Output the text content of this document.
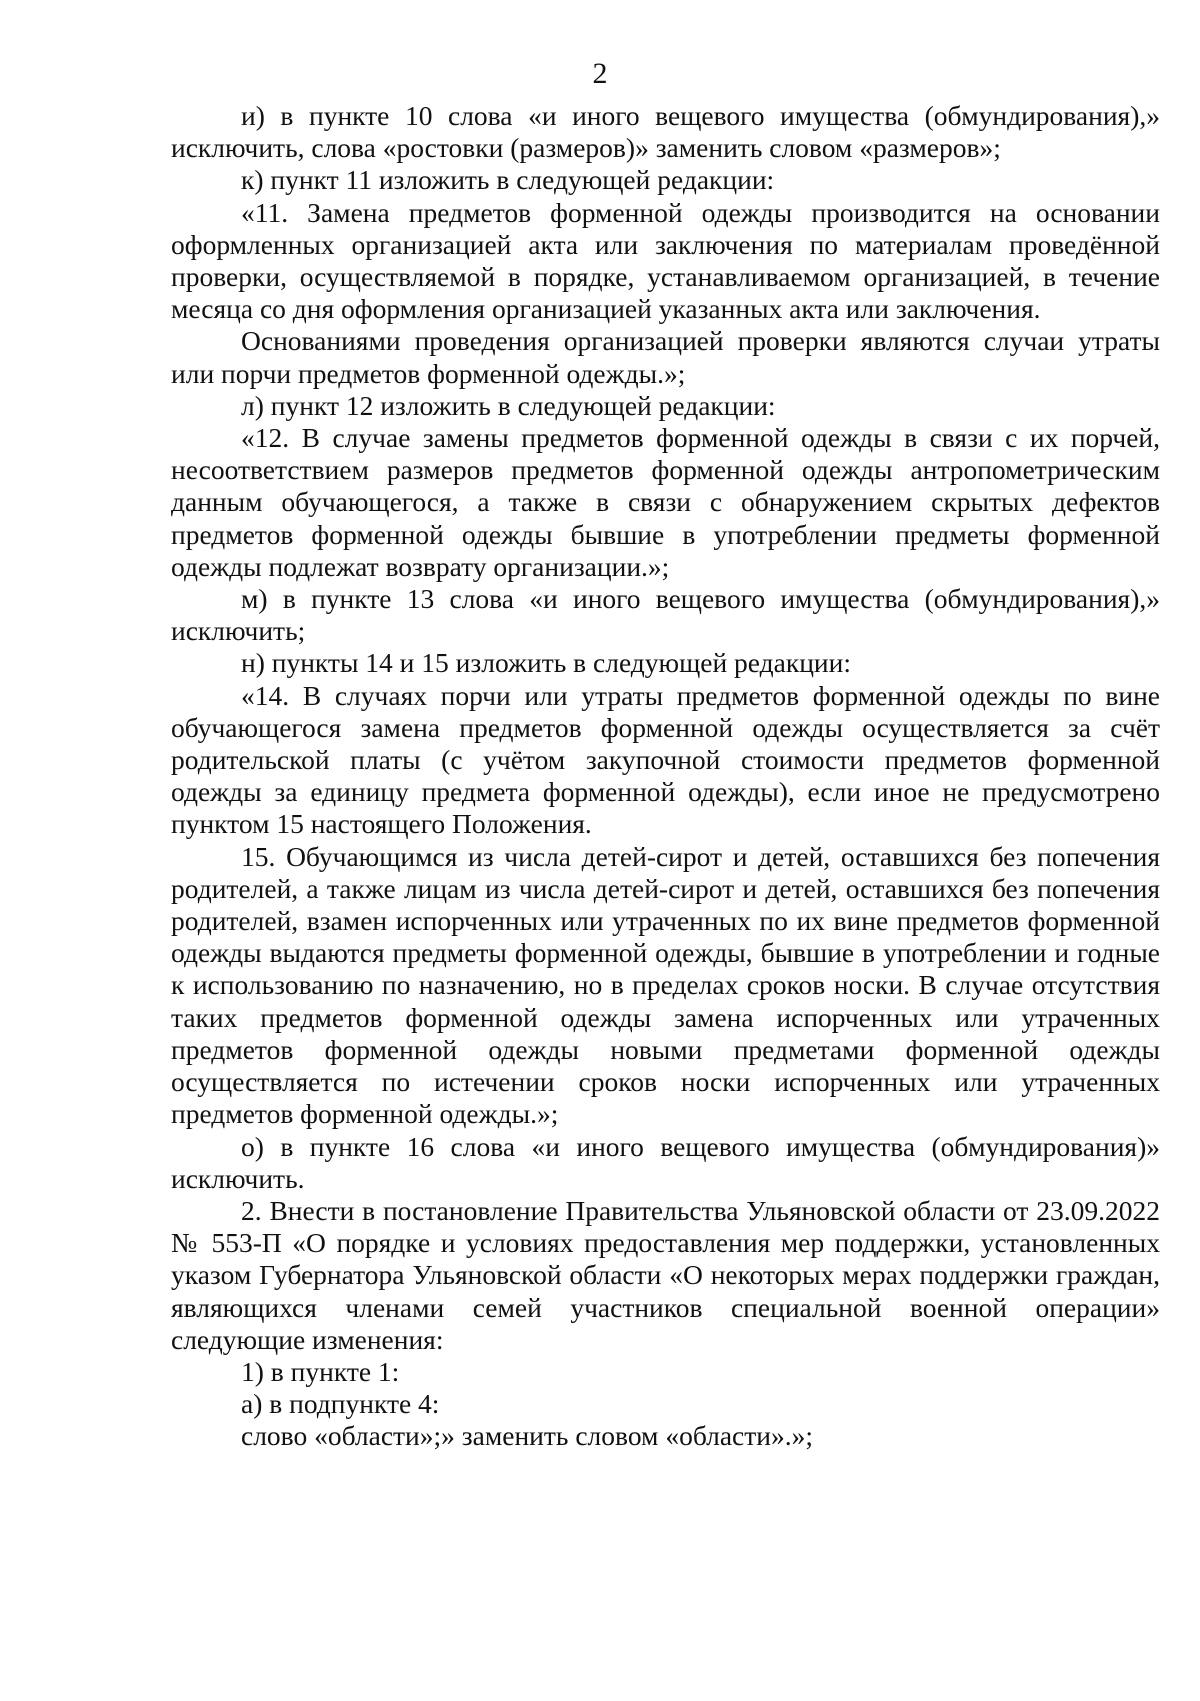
2

и) в пункте 10 слова «и иного вещевого имущества (обмундирования),» исключить, слова «ростовки (размеров)» заменить словом «размеров»;

к) пункт 11 изложить в следующей редакции:

«11. Замена предметов форменной одежды производится на основании оформленных организацией акта или заключения по материалам проведённой проверки, осуществляемой в порядке, устанавливаемом организацией, в течение месяца со дня оформления организацией указанных акта или заключения.

Основаниями проведения организацией проверки являются случаи утраты или порчи предметов форменной одежды.»;

л) пункт 12 изложить в следующей редакции:

«12. В случае замены предметов форменной одежды в связи с их порчей, несоответствием размеров предметов форменной одежды антропометрическим данным обучающегося, а также в связи с обнаружением скрытых дефектов предметов форменной одежды бывшие в употреблении предметы форменной одежды подлежат возврату организации.»;

м) в пункте 13 слова «и иного вещевого имущества (обмундирования),» исключить;

н) пункты 14 и 15 изложить в следующей редакции:

«14. В случаях порчи или утраты предметов форменной одежды по вине обучающегося замена предметов форменной одежды осуществляется за счёт родительской платы (с учётом закупочной стоимости предметов форменной одежды за единицу предмета форменной одежды), если иное не предусмотрено пунктом 15 настоящего Положения.

15. Обучающимся из числа детей-сирот и детей, оставшихся без попечения родителей, а также лицам из числа детей-сирот и детей, оставшихся без попечения родителей, взамен испорченных или утраченных по их вине предметов форменной одежды выдаются предметы форменной одежды, бывшие в употреблении и годные к использованию по назначению, но в пределах сроков носки. В случае отсутствия таких предметов форменной одежды замена испорченных или утраченных предметов форменной одежды новыми предметами форменной одежды осуществляется по истечении сроков носки испорченных или утраченных предметов форменной одежды.»;

о) в пункте 16 слова «и иного вещевого имущества (обмундирования)» исключить.

2. Внести в постановление Правительства Ульяновской области от 23.09.2022 № 553-П «О порядке и условиях предоставления мер поддержки, установленных указом Губернатора Ульяновской области «О некоторых мерах поддержки граждан, являющихся членами семей участников специальной военной операции» следующие изменения:

1) в пункте 1:

а) в подпункте 4:

слово «области»;» заменить словом «области».»;
